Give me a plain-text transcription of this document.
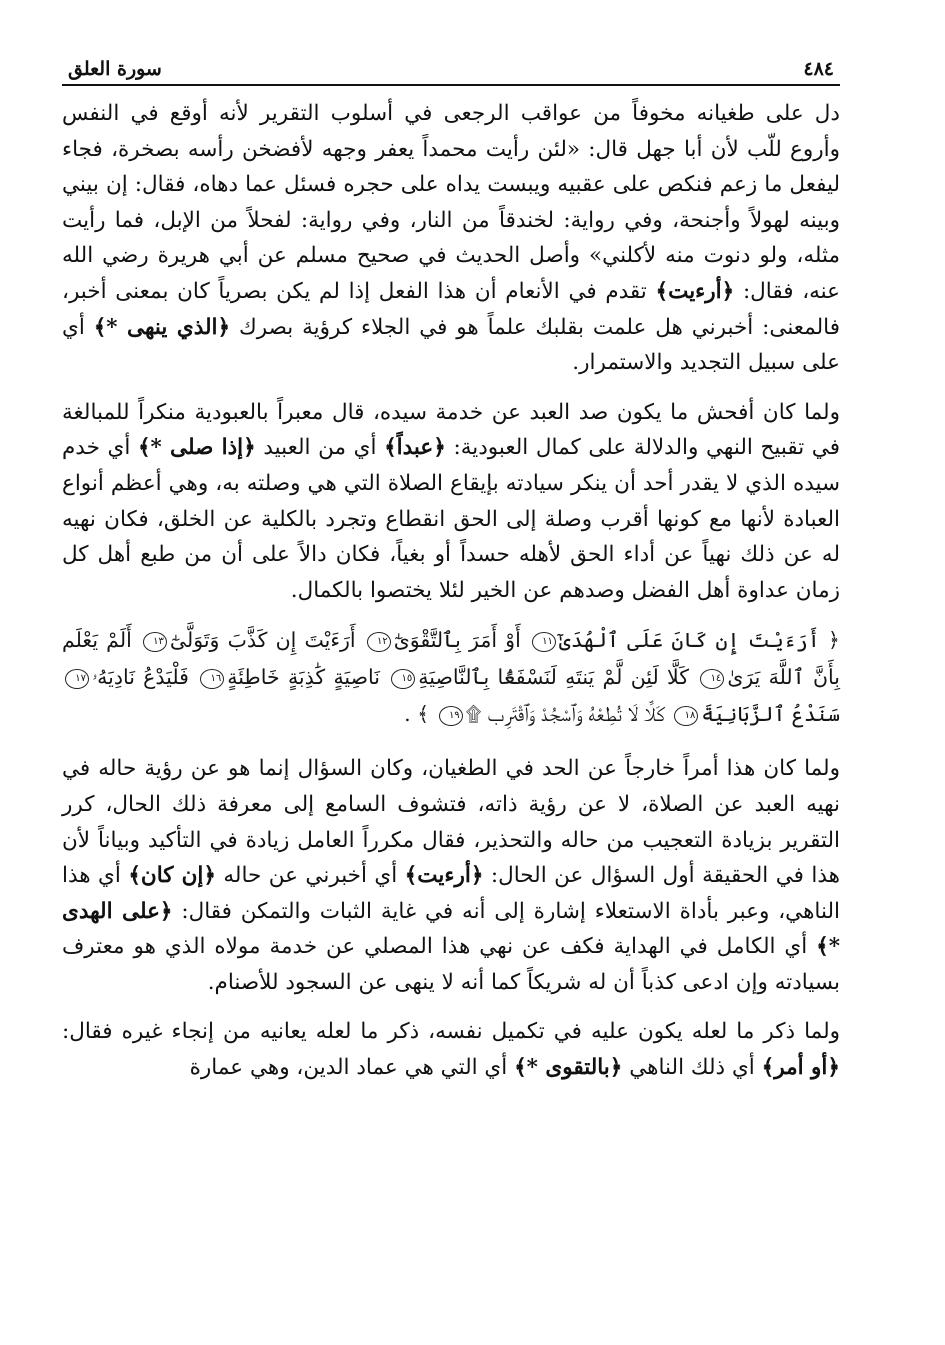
٤٨٤
سورة العلق

دل على طغيانه مخوفاً من عواقب الرجعى في أسلوب التقرير لأنه أوقع في النفس وأروع للّب لأن أبا جهل قال: «لئن رأيت محمداً يعفر وجهه لأفضخن رأسه بصخرة، فجاء ليفعل ما زعم فنكص على عقبيه ويبست يداه على حجره فسئل عما دهاه، فقال: إن بيني وبينه لهولاً وأجنحة، وفي رواية: لخندقاً من النار، وفي رواية: لفحلاً من الإبل، فما رأيت مثله، ولو دنوت منه لأكلني» وأصل الحديث في صحيح مسلم عن أبي هريرة رضي الله عنه، فقال: ﴿أرءيت﴾ تقدم في الأنعام أن هذا الفعل إذا لم يكن بصرياً كان بمعنى أخبر، فالمعنى: أخبرني هل علمت بقلبك علماً هو في الجلاء كرؤية بصرك ﴿الذي ينهى *﴾ أي على سبيل التجديد والاستمرار.

ولما كان أفحش ما يكون صد العبد عن خدمة سيده، قال معبراً بالعبودية منكراً للمبالغة في تقبيح النهي والدلالة على كمال العبودية: ﴿عبداً﴾ أي من العبيد ﴿إذا صلى *﴾ أي خدم سيده الذي لا يقدر أحد أن ينكر سيادته بإيقاع الصلاة التي هي وصلته به، وهي أعظم أنواع العبادة لأنها مع كونها أقرب وصلة إلى الحق انقطاع وتجرد بالكلية عن الخلق، فكان نهيه له عن ذلك نهياً عن أداء الحق لأهله حسداً أو بغياً، فكان دالاً على أن من طبع أهل كل زمان عداوة أهل الفضل وصدهم عن الخير لئلا يختصوا بالكمال.

﴿ أَرَءَيْتَ إِن كَانَ عَلَى ٱلْهُدَىٰٓ١١ أَوْ أَمَرَ بِٱلتَّقْوَىٰٓ١٢ أَرَءَيْتَ إِن كَذَّبَ وَتَوَلَّىٰٓ١٣ أَلَمْ يَعْلَم بِأَنَّ ٱللَّهَ يَرَىٰ١٤ كَلَّا لَئِن لَّمْ يَنتَهِ لَنَسْفَعًۢا بِٱلنَّاصِيَةِ١٥ نَاصِيَةٍ كَٰذِبَةٍ خَاطِئَةٍ١٦ فَلْيَدْعُ نَادِيَهُۥ١٧ سَنَدْعُ ٱلزَّبَانِيَةَ١٨ كَلَّا لَا تُطِعْهُ وَٱسْجُدْ وَٱقْتَرِب ۩١٩ ﴾ .

ولما كان هذا أمراً خارجاً عن الحد في الطغيان، وكان السؤال إنما هو عن رؤية حاله في نهيه العبد عن الصلاة، لا عن رؤية ذاته، فتشوف السامع إلى معرفة ذلك الحال، كرر التقرير بزيادة التعجيب من حاله والتحذير، فقال مكرراً العامل زيادة في التأكيد وبياناً لأن هذا في الحقيقة أول السؤال عن الحال: ﴿أرءيت﴾ أي أخبرني عن حاله ﴿إن كان﴾ أي هذا الناهي، وعبر بأداة الاستعلاء إشارة إلى أنه في غاية الثبات والتمكن فقال: ﴿على الهدى *﴾ أي الكامل في الهداية فكف عن نهي هذا المصلي عن خدمة مولاه الذي هو معترف بسيادته وإن ادعى كذباً أن له شريكاً كما أنه لا ينهى عن السجود للأصنام.

ولما ذكر ما لعله يكون عليه في تكميل نفسه، ذكر ما لعله يعانيه من إنجاء غيره فقال: ﴿أو أمر﴾ أي ذلك الناهي ﴿بالتقوى *﴾ أي التي هي عماد الدين، وهي عمارة
